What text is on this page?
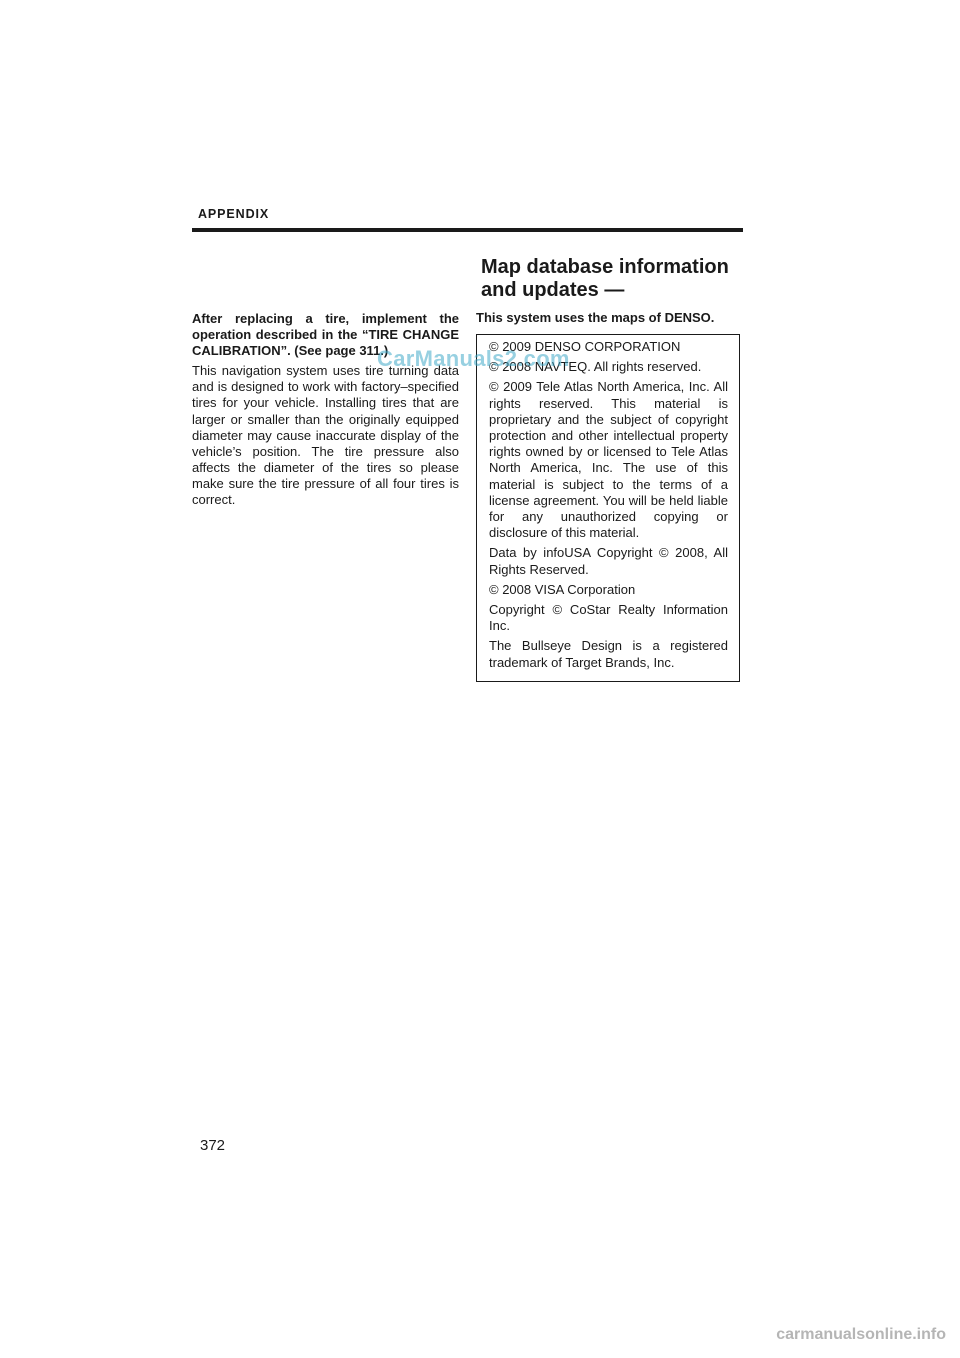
APPENDIX

After replacing a tire, implement the operation described in the “TIRE CHANGE CALIBRATION”. (See page 311.)

This navigation system uses tire turning data and is designed to work with factory–specified tires for your vehicle. Installing tires that are larger or smaller than the originally equipped diameter may cause inaccurate display of the vehicle’s position. The tire pressure also affects the diameter of the tires so please make sure the tire pressure of all four tires is correct.

Map database information and updates —

This system uses the maps of DENSO.

© 2009 DENSO CORPORATION

© 2008 NAVTEQ. All rights reserved.

© 2009 Tele Atlas North America, Inc. All rights reserved. This material is proprietary and the subject of copyright protection and other intellectual property rights owned by or licensed to Tele Atlas North America, Inc. The use of this material is subject to the terms of a license agreement. You will be held liable for any unauthorized copying or disclosure of this material.

Data by infoUSA Copyright © 2008, All Rights Reserved.

© 2008 VISA Corporation

Copyright © CoStar Realty Information Inc.

The Bullseye Design is a registered trademark of Target Brands, Inc.

CarManuals2.com
372
carmanualsonline.info
